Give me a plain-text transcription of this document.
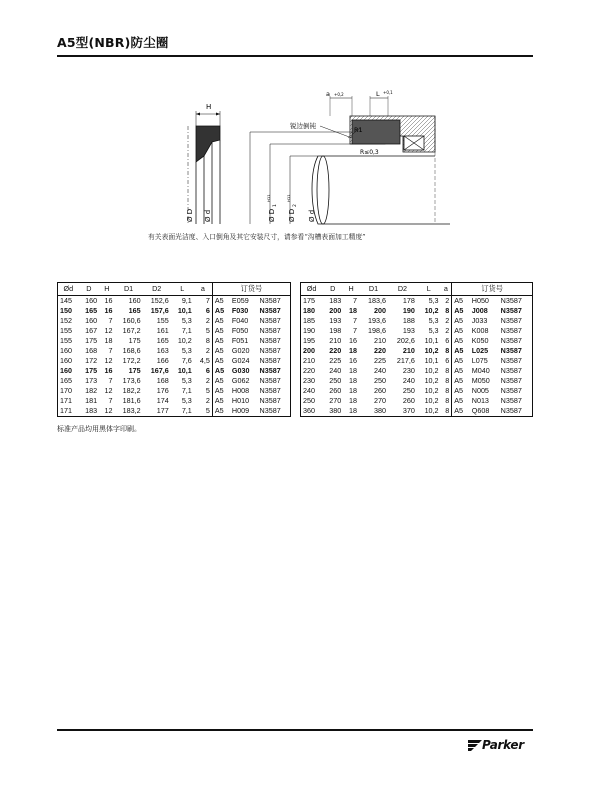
A5型(NBR)防尘圈
H
Ø D Ø d
a +0,2	L +0,1
锐边倒钝	R1
R≤0,3
Ø D
1
H11
Ø D
2
H11
Ø d
有关表面光洁度、入口倒角及其它安装尺寸，请参看“沟槽表面加工精度”
Ød	D	H	D1	D2	L	a	订货号		
145	160	16	160	152,6	9,1	7	A5	E059	N3587
150	165	16	165	157,6	10,1	6	A5	F030	N3587
152	160	7	160,6	155	5,3	2	A5	F040	N3587
155	167	12	167,2	161	7,1	5	A5	F050	N3587
155	175	18	175	165	10,2	8	A5	F051	N3587
160	168	7	168,6	163	5,3	2	A5	G020	N3587
160	172	12	172,2	166	7,6	4,5	A5	G024	N3587
160	175	16	175	167,6	10,1	6	A5	G030	N3587
165	173	7	173,6	168	5,3	2	A5	G062	N3587
170	182	12	182,2	176	7,1	5	A5	H008	N3587
171	181	7	181,6	174	5,3	2	A5	H010	N3587
171	183	12	183,2	177	7,1	5	A5	H009	N3587
Ød	D	H	D1	D2	L	a	订货号		
175	183	7	183,6	178	5,3	2	A5	H050	N3587
180	200	18	200	190	10,2	8	A5	J008	N3587
185	193	7	193,6	188	5,3	2	A5	J033	N3587
190	198	7	198,6	193	5,3	2	A5	K008	N3587
195	210	16	210	202,6	10,1	6	A5	K050	N3587
200	220	18	220	210	10,2	8	A5	L025	N3587
210	225	16	225	217,6	10,1	6	A5	L075	N3587
220	240	18	240	230	10,2	8	A5	M040	N3587
230	250	18	250	240	10,2	8	A5	M050	N3587
240	260	18	260	250	10,2	8	A5	N005	N3587
250	270	18	270	260	10,2	8	A5	N013	N3587
360	380	18	380	370	10,2	8	A5	Q608	N3587
标准产品均用黑体字印刷。
Parker
